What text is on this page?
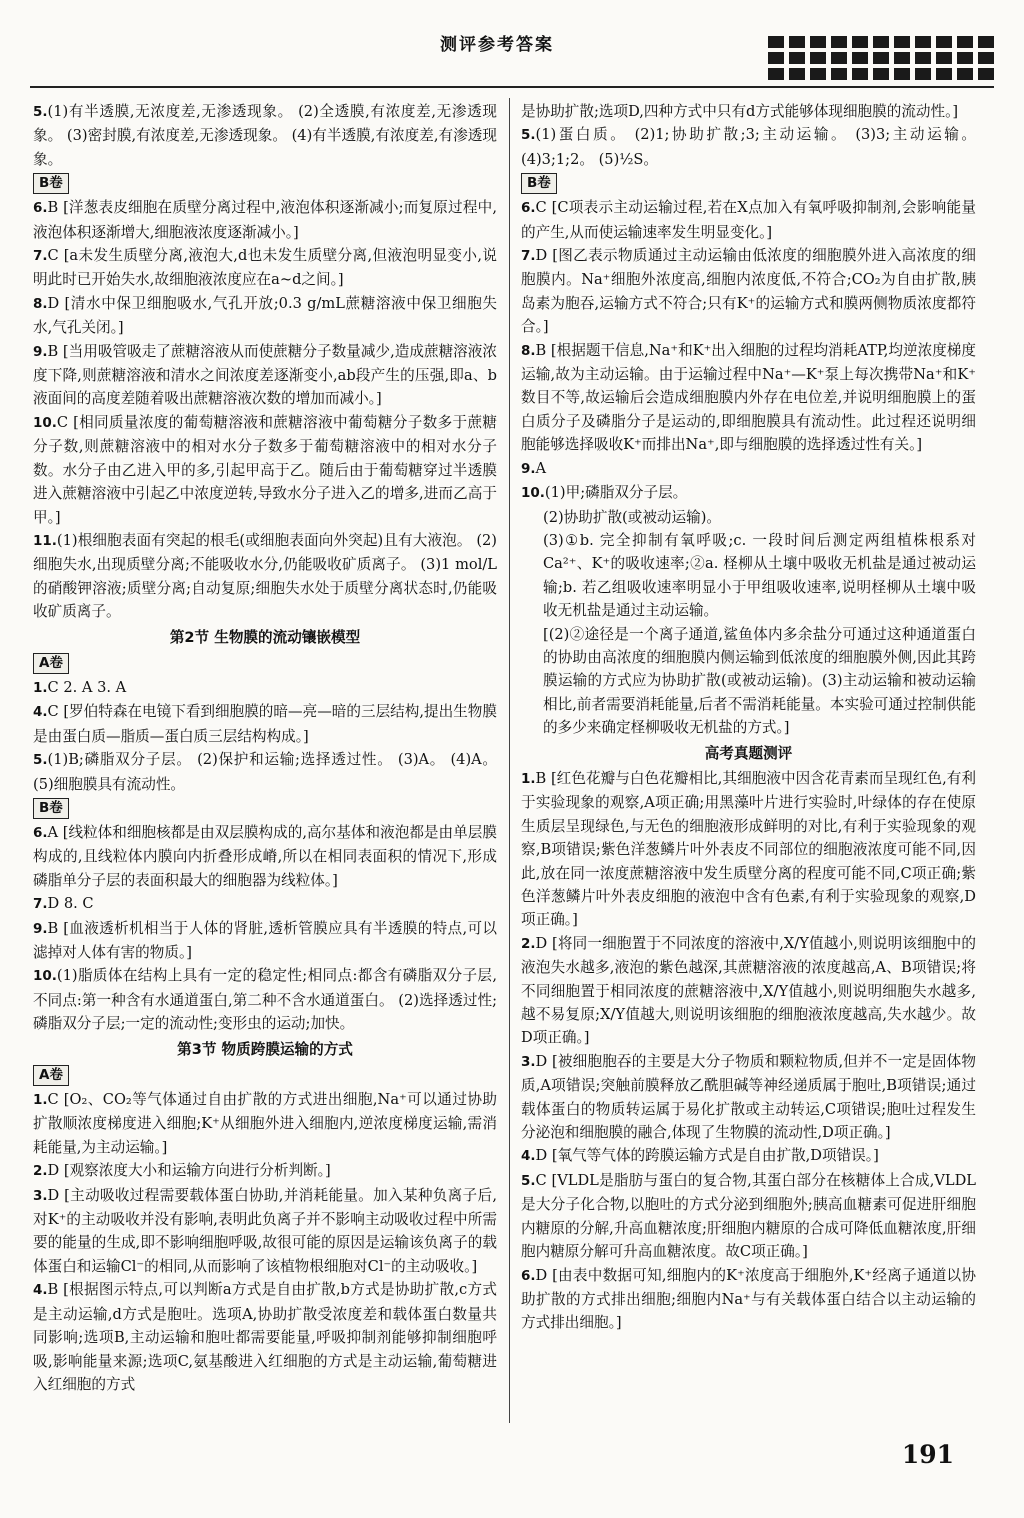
测评参考答案

5.(1)有半透膜,无浓度差,无渗透现象。 (2)全透膜,有浓度差,无渗透现象。 (3)密封膜,有浓度差,无渗透现象。 (4)有半透膜,有浓度差,有渗透现象。

B卷

6.B [洋葱表皮细胞在质壁分离过程中,液泡体积逐渐减小;而复原过程中,液泡体积逐渐增大,细胞液浓度逐渐减小。]

7.C [a未发生质壁分离,液泡大,d也未发生质壁分离,但液泡明显变小,说明此时已开始失水,故细胞液浓度应在a~d之间。]

8.D [清水中保卫细胞吸水,气孔开放;0.3 g/mL蔗糖溶液中保卫细胞失水,气孔关闭。]

9.B [当用吸管吸走了蔗糖溶液从而使蔗糖分子数量减少,造成蔗糖溶液浓度下降,则蔗糖溶液和清水之间浓度差逐渐变小,ab段产生的压强,即a、b液面间的高度差随着吸出蔗糖溶液次数的增加而减小。]

10.C [相同质量浓度的葡萄糖溶液和蔗糖溶液中葡萄糖分子数多于蔗糖分子数,则蔗糖溶液中的相对水分子数多于葡萄糖溶液中的相对水分子数。水分子由乙进入甲的多,引起甲高于乙。随后由于葡萄糖穿过半透膜进入蔗糖溶液中引起乙中浓度逆转,导致水分子进入乙的增多,进而乙高于甲。]

11.(1)根细胞表面有突起的根毛(或细胞表面向外突起)且有大液泡。 (2)细胞失水,出现质壁分离;不能吸收水分,仍能吸收矿质离子。 (3)1 mol/L的硝酸钾溶液;质壁分离;自动复原;细胞失水处于质壁分离状态时,仍能吸收矿质离子。

第2节 生物膜的流动镶嵌模型
A卷

1.C 2. A 3. A

4.C [罗伯特森在电镜下看到细胞膜的暗—亮—暗的三层结构,提出生物膜是由蛋白质—脂质—蛋白质三层结构构成。]

5.(1)B;磷脂双分子层。 (2)保护和运输;选择透过性。 (3)A。 (4)A。 (5)细胞膜具有流动性。

B卷

6.A [线粒体和细胞核都是由双层膜构成的,高尔基体和液泡都是由单层膜构成的,且线粒体内膜向内折叠形成嵴,所以在相同表面积的情况下,形成磷脂单分子层的表面积最大的细胞器为线粒体。]

7.D 8. C

9.B [血液透析机相当于人体的肾脏,透析管膜应具有半透膜的特点,可以滤掉对人体有害的物质。]

10.(1)脂质体在结构上具有一定的稳定性;相同点:都含有磷脂双分子层,不同点:第一种含有水通道蛋白,第二种不含水通道蛋白。 (2)选择透过性;磷脂双分子层;一定的流动性;变形虫的运动;加快。

第3节 物质跨膜运输的方式
A卷

1.C [O₂、CO₂等气体通过自由扩散的方式进出细胞,Na⁺可以通过协助扩散顺浓度梯度进入细胞;K⁺从细胞外进入细胞内,逆浓度梯度运输,需消耗能量,为主动运输。]

2.D [观察浓度大小和运输方向进行分析判断。]

3.D [主动吸收过程需要载体蛋白协助,并消耗能量。加入某种负离子后,对K⁺的主动吸收并没有影响,表明此负离子并不影响主动吸收过程中所需要的能量的生成,即不影响细胞呼吸,故很可能的原因是运输该负离子的载体蛋白和运输Cl⁻的相同,从而影响了该植物根细胞对Cl⁻的主动吸收。]

4.B [根据图示特点,可以判断a方式是自由扩散,b方式是协助扩散,c方式是主动运输,d方式是胞吐。选项A,协助扩散受浓度差和载体蛋白数量共同影响;选项B,主动运输和胞吐都需要能量,呼吸抑制剂能够抑制细胞呼吸,影响能量来源;选项C,氨基酸进入红细胞的方式是主动运输,葡萄糖进入红细胞的方式

是协助扩散;选项D,四种方式中只有d方式能够体现细胞膜的流动性。]

5.(1)蛋白质。 (2)1;协助扩散;3;主动运输。 (3)3;主动运输。 (4)3;1;2。 (5)½S。

B卷

6.C [C项表示主动运输过程,若在X点加入有氧呼吸抑制剂,会影响能量的产生,从而使运输速率发生明显变化。]

7.D [图乙表示物质通过主动运输由低浓度的细胞膜外进入高浓度的细胞膜内。Na⁺细胞外浓度高,细胞内浓度低,不符合;CO₂为自由扩散,胰岛素为胞吞,运输方式不符合;只有K⁺的运输方式和膜两侧物质浓度都符合。]

8.B [根据题干信息,Na⁺和K⁺出入细胞的过程均消耗ATP,均逆浓度梯度运输,故为主动运输。由于运输过程中Na⁺—K⁺泵上每次携带Na⁺和K⁺数目不等,故运输后会造成细胞膜内外存在电位差,并说明细胞膜上的蛋白质分子及磷脂分子是运动的,即细胞膜具有流动性。此过程还说明细胞能够选择吸收K⁺而排出Na⁺,即与细胞膜的选择透过性有关。]

9.A

10.(1)甲;磷脂双分子层。

(2)协助扩散(或被动运输)。

(3)①b. 完全抑制有氧呼吸;c. 一段时间后测定两组植株根系对Ca²⁺、K⁺的吸收速率;②a. 柽柳从土壤中吸收无机盐是通过被动运输;b. 若乙组吸收速率明显小于甲组吸收速率,说明柽柳从土壤中吸收无机盐是通过主动运输。

[(2)②途径是一个离子通道,鲨鱼体内多余盐分可通过这种通道蛋白的协助由高浓度的细胞膜内侧运输到低浓度的细胞膜外侧,因此其跨膜运输的方式应为协助扩散(或被动运输)。(3)主动运输和被动运输相比,前者需要消耗能量,后者不需消耗能量。本实验可通过控制供能的多少来确定柽柳吸收无机盐的方式。]

高考真题测评

1.B [红色花瓣与白色花瓣相比,其细胞液中因含花青素而呈现红色,有利于实验现象的观察,A项正确;用黑藻叶片进行实验时,叶绿体的存在使原生质层呈现绿色,与无色的细胞液形成鲜明的对比,有利于实验现象的观察,B项错误;紫色洋葱鳞片叶外表皮不同部位的细胞液浓度可能不同,因此,放在同一浓度蔗糖溶液中发生质壁分离的程度可能不同,C项正确;紫色洋葱鳞片叶外表皮细胞的液泡中含有色素,有利于实验现象的观察,D项正确。]

2.D [将同一细胞置于不同浓度的溶液中,X/Y值越小,则说明该细胞中的液泡失水越多,液泡的紫色越深,其蔗糖溶液的浓度越高,A、B项错误;将不同细胞置于相同浓度的蔗糖溶液中,X/Y值越小,则说明细胞失水越多,越不易复原;X/Y值越大,则说明该细胞的细胞液浓度越高,失水越少。故D项正确。]

3.D [被细胞胞吞的主要是大分子物质和颗粒物质,但并不一定是固体物质,A项错误;突触前膜释放乙酰胆碱等神经递质属于胞吐,B项错误;通过载体蛋白的物质转运属于易化扩散或主动转运,C项错误;胞吐过程发生分泌泡和细胞膜的融合,体现了生物膜的流动性,D项正确。]

4.D [氧气等气体的跨膜运输方式是自由扩散,D项错误。]

5.C [VLDL是脂肪与蛋白的复合物,其蛋白部分在核糖体上合成,VLDL是大分子化合物,以胞吐的方式分泌到细胞外;胰高血糖素可促进肝细胞内糖原的分解,升高血糖浓度;肝细胞内糖原的合成可降低血糖浓度,肝细胞内糖原分解可升高血糖浓度。故C项正确。]

6.D [由表中数据可知,细胞内的K⁺浓度高于细胞外,K⁺经离子通道以协助扩散的方式排出细胞;细胞内Na⁺与有关载体蛋白结合以主动运输的方式排出细胞。]

191
